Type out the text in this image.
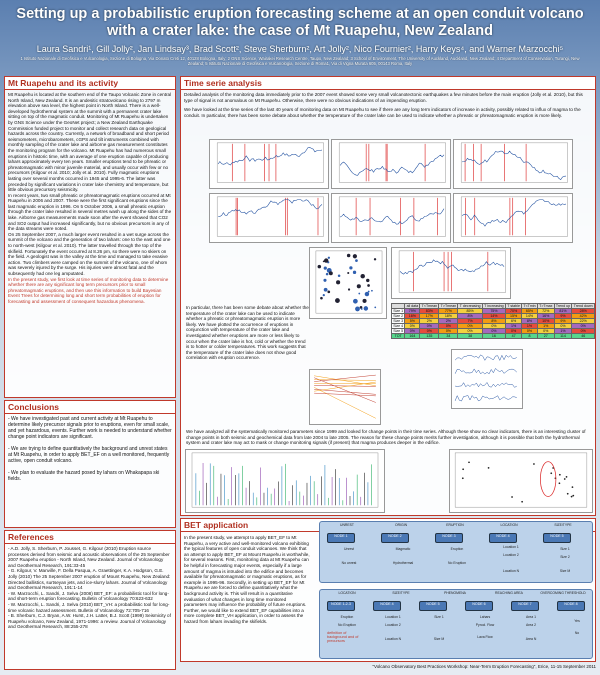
Setting up a probabilistic eruption forecasting scheme at an open conduit volcano with a crater lake: the case of Mt Ruapehu, New Zealand
Laura Sandri¹, Gill Jolly², Jan Lindsay³, Brad Scott², Steve Sherburn², Art Jolly², Nico Fournier², Harry Keys⁴, and Warner Marzocchi⁵
1 Istituto Nazionale di Geofisica e Vulcanologia, Sezione di Bologna, Via Donato Creti 12, 40128 Bologna, Italy; 2 GNS Science, Wairakei Research Centre, Taupo, New Zealand; 3 School of Environment, The University of Auckland, Auckland, New Zealand; 4 Department of Conservation, Turangi, New Zealand; 5 Istituto Nazionale di Geofisica e Vulcanologia, Sezione di Roma1, Via di Vigna Murata 605, 00143 Roma, Italy
Mt Ruapehu and its activity

Mt Ruapehu is located at the southern end of the Taupo Volcanic Zone in central North Island, New Zealand. It is an andesitic stratovolcano rising to 2797 m elevation above sea level, the highest point in North Island. There is a well-developed hydrothermal system at the summit with a permanent crater lake sitting on top of the magmatic conduit. Monitoring of Mt Ruapehu is undertaken by GNS Science under the GeoNet project; a New Zealand Earthquake Commission funded project to monitor and collect research data on geological hazards across the country. Currently, a network of broadband and short period seismometers, microbarometers, cGPS and tilt instruments combined with monthly sampling of the crater lake and airborne gas measurement constitutes the monitoring program for the volcano. Mt Ruapehu has had numerous small eruptions in historic time, with an average of one eruption capable of producing lahars approximately every ten years. Smaller eruptions tend to be phreatic or phreatomagmatic with minor juvenile material, and usually occur with few or no precursors (Kilgour et al. 2010; Jolly et al. 2010). Fully magmatic eruptions lasting over several months occurred in 1945 and 1995-6. The latter was preceded by significant variations in crater lake chemistry and temperature, but little obvious precursory seismicity.

In recent years, two small phreatic or phreatomagmatic eruptions occurred at Mt Ruapehu in 2006 and 2007. These were the first significant eruptions since the last magmatic eruption in 1996. On 5 October 2006, a small phreatic eruption through the crater lake resulted in several metres wash up along the sides of the lake. Airborne gas measurements made soon after the event showed that CO2 and SO2 output had increased significantly, but no obvious precursors in any of the data streams were noted.

On 25 September 2007, a much larger event resulted in a wet surge across the summit of the volcano and the generation of two lahars: one to the east and one to north-west (Kilgour et al. 2010). The latter travelled through the top of the skifield. Fortunately the event occurred at 8.26 pm, so there were no skiers on the field. A geologist was in the valley at the time and managed to take evasive action. Two climbers were camped on the summit of the volcano, one of whom was severely injured by the surge. His injuries were almost fatal and the subsequently had one leg amputated.

In the present study, we first look at time series of monitoring data to determine whether there are any significant long term precursors prior to small phreatomagmatic eruptions, and then use this information to build Bayesian Event Trees for determining long and short term probabilities of eruption for forecasting and assessment of consequent hazardous phenomena.

Conclusions

- We have investigated past and current activity at Mt Ruapehu to determine likely precursor signals prior to eruptions, even for small scale, and yet hazardous, events. Further work is needed to understand whether change point indicators are significant.

- We are trying to define quantitatively the background and unrest states at Mt Ruapehu, in order to apply BET_EF on a well monitored, frequently active, open conduit volcano.

- We plan to evaluate the hazard posed by lahars on Whakapapa ski fields.

References

- A.D. Jolly, S. Sherburn, P. Jousset, G. Kilgour (2010) Eruption source processes derived from seismic and acoustic observations of the 25 September 2007 Ruapehu eruption - North Island, New Zealand. Journal of Volcanology and Geothermal Research, 191:33-45

- G. Kilgour, V. Manville, F. Della Pasqua, A. Graettinger, K.A. Hodgson, G.E. Jolly (2010) The 25 September 2007 eruption of Mount Ruapehu, New Zealand: Directed ballistics, surtseyan jets, and ice-slurry lahars. Journal of Volcanology and Geothermal Research, 191:1-14

- W. Marzocchi, L. Sandri, J. Selva (2008) BET_EF: a probabilistic tool for long- and short-term eruption forecasting. Bulletin of Volcanology 70:623-632

- W. Marzocchi, L. Sandri, J. Selva (2010) BET_VH: a probabilistic tool for long-time volcanic hazard assessment. Bulletin of Volcanology 72:705-716

- B. Sherburn, C.J. Bryan, A.W. Hurst, J.H. Latter, B.J. Scott (1999) Seismicity of Ruapehu volcano, New Zealand, 1971-1996: a review. Journal of Volcanology and Geothermal Research, 88:255-278

Time serie analysis
Detailed analysis of the monitoring data immediately prior to the 2007 event showed some very small volcanotectonic earthquakes a few minutes before the main eruption (Jolly et al. 2010), but this type of signal is not anomalous on Mt Ruapehu. Otherwise, there were no obvious indications of an impending eruption.
We have looked at the time series of the last 40 years of monitoring data on Mt Ruapehu to see if there are any long term indicators of increase in activity, possibly related to influx of magma to the conduit. In particular, there has been some debate about whether the temperature of the crater lake can be used to indicate whether a phreatic or phreatomagmatic eruption is more likely.
In particular, there has been some debate about whether the temperature of the crater lake can be used to indicate whether a phreatic or phreatomagmatic eruption is more likely. We have plotted the occurrence of eruptions in conjunction with temperature of the crater lake and investigated whether eruptions are more or less likely to occur when the crater lake is hot, cold or whether the trend is to hotter or colder temperatures. This work suggests that the temperature of the crater lake does not show good correlation with eruption occurrence.
	all data	T<Tmean	T>Tmean	T decreasing	T increasing	T stable	T<Tmin	T>Tmax	Trend up	Trend down
Size 1	79%	83%	77%	85%	75%	70%	65%	72%	81%	28%
Size 2	16%	17%	18%	8%	14%	15%	14%	16%	9%	42%
Size 3	5%	2%	2%	7%	8%	6%	8%	10%	9%	22%
Size 4	0%	0%	0%	0%	0%	1%	1%	1%	0%	0%
Size 5	0%	0%	0%	0%	0%	0%	0%	0%	1%	0%
TOT	164	135	34	38	16	47	8	27	114	46
We have analyzed all the systematically monitored parameters since 1999 and looked for change points in their time series. Although these show no clear indicators, there is an interesting cluster of change points in both seismic and geochemical data from late 2004 to late 2005. The reason for these change points merits further investigation, although it is possible that both the hydrothermal system and crater lake may act to mask or change monitoring signals (if present) that magma produces deeper in the edifice.
BET application
In the present study, we attempt to apply BET_EF to Mt Ruapehu, a very active and well-monitored volcano exhibiting the typical features of open conduit volcanoes. We think that an attempt to apply BET_EF at Mount Ruapehu is worthwhile, for several reasons. First, monitoring data at Mt Ruapehu can be helpful in forecasting major events, especially if a large amount of magma is intruded into the edifice and becomes available for phreatomagmatic or magmatic eruptions, as for example in 1995-96. Secondly, in setting up BET_EF for Mt Ruapehu we are forced to define quantitatively what the background activity is. This will result in a quantitative evaluation of what changes in long time monitored parameters may influence the probability of future eruptions. Further, we would like to extend BET_EF capabilities into a more complete BET_VH application, in order to assess the hazard from lahars invading the skifields.
definition of background and of precursors
UNREST	ORIGIN	ERUPTION	LOCATION	SIZE/TYPE
NODE 1	NODE 2	NODE 3	NODE 4	NODE 5
LOCATION	SIZE/TYPE	PHENOMENA	REACHING AREA	OVERCOMING THRESHOLD
NODE 1-2-3	NODE 4	NODE 5	NODE 6	NODE 7	NODE 8
Unrest
No unrest
Magmatic
Hydrothermal
Eruption
No Eruption
Location 1
Location 2
Location N
Size 1
Size 2
Size M
Eruption
No Eruption
Location 1
Location 2
Location N
Size 1
Size M
Lahars
Pyrocl. Flow
Lava Flow
Area 1
Area 2
Area N
Yes
No
"Volcano Observatory Best Practices Workshop: Near-Term Eruption Forecasting", Erice, 11-15 September 2011
